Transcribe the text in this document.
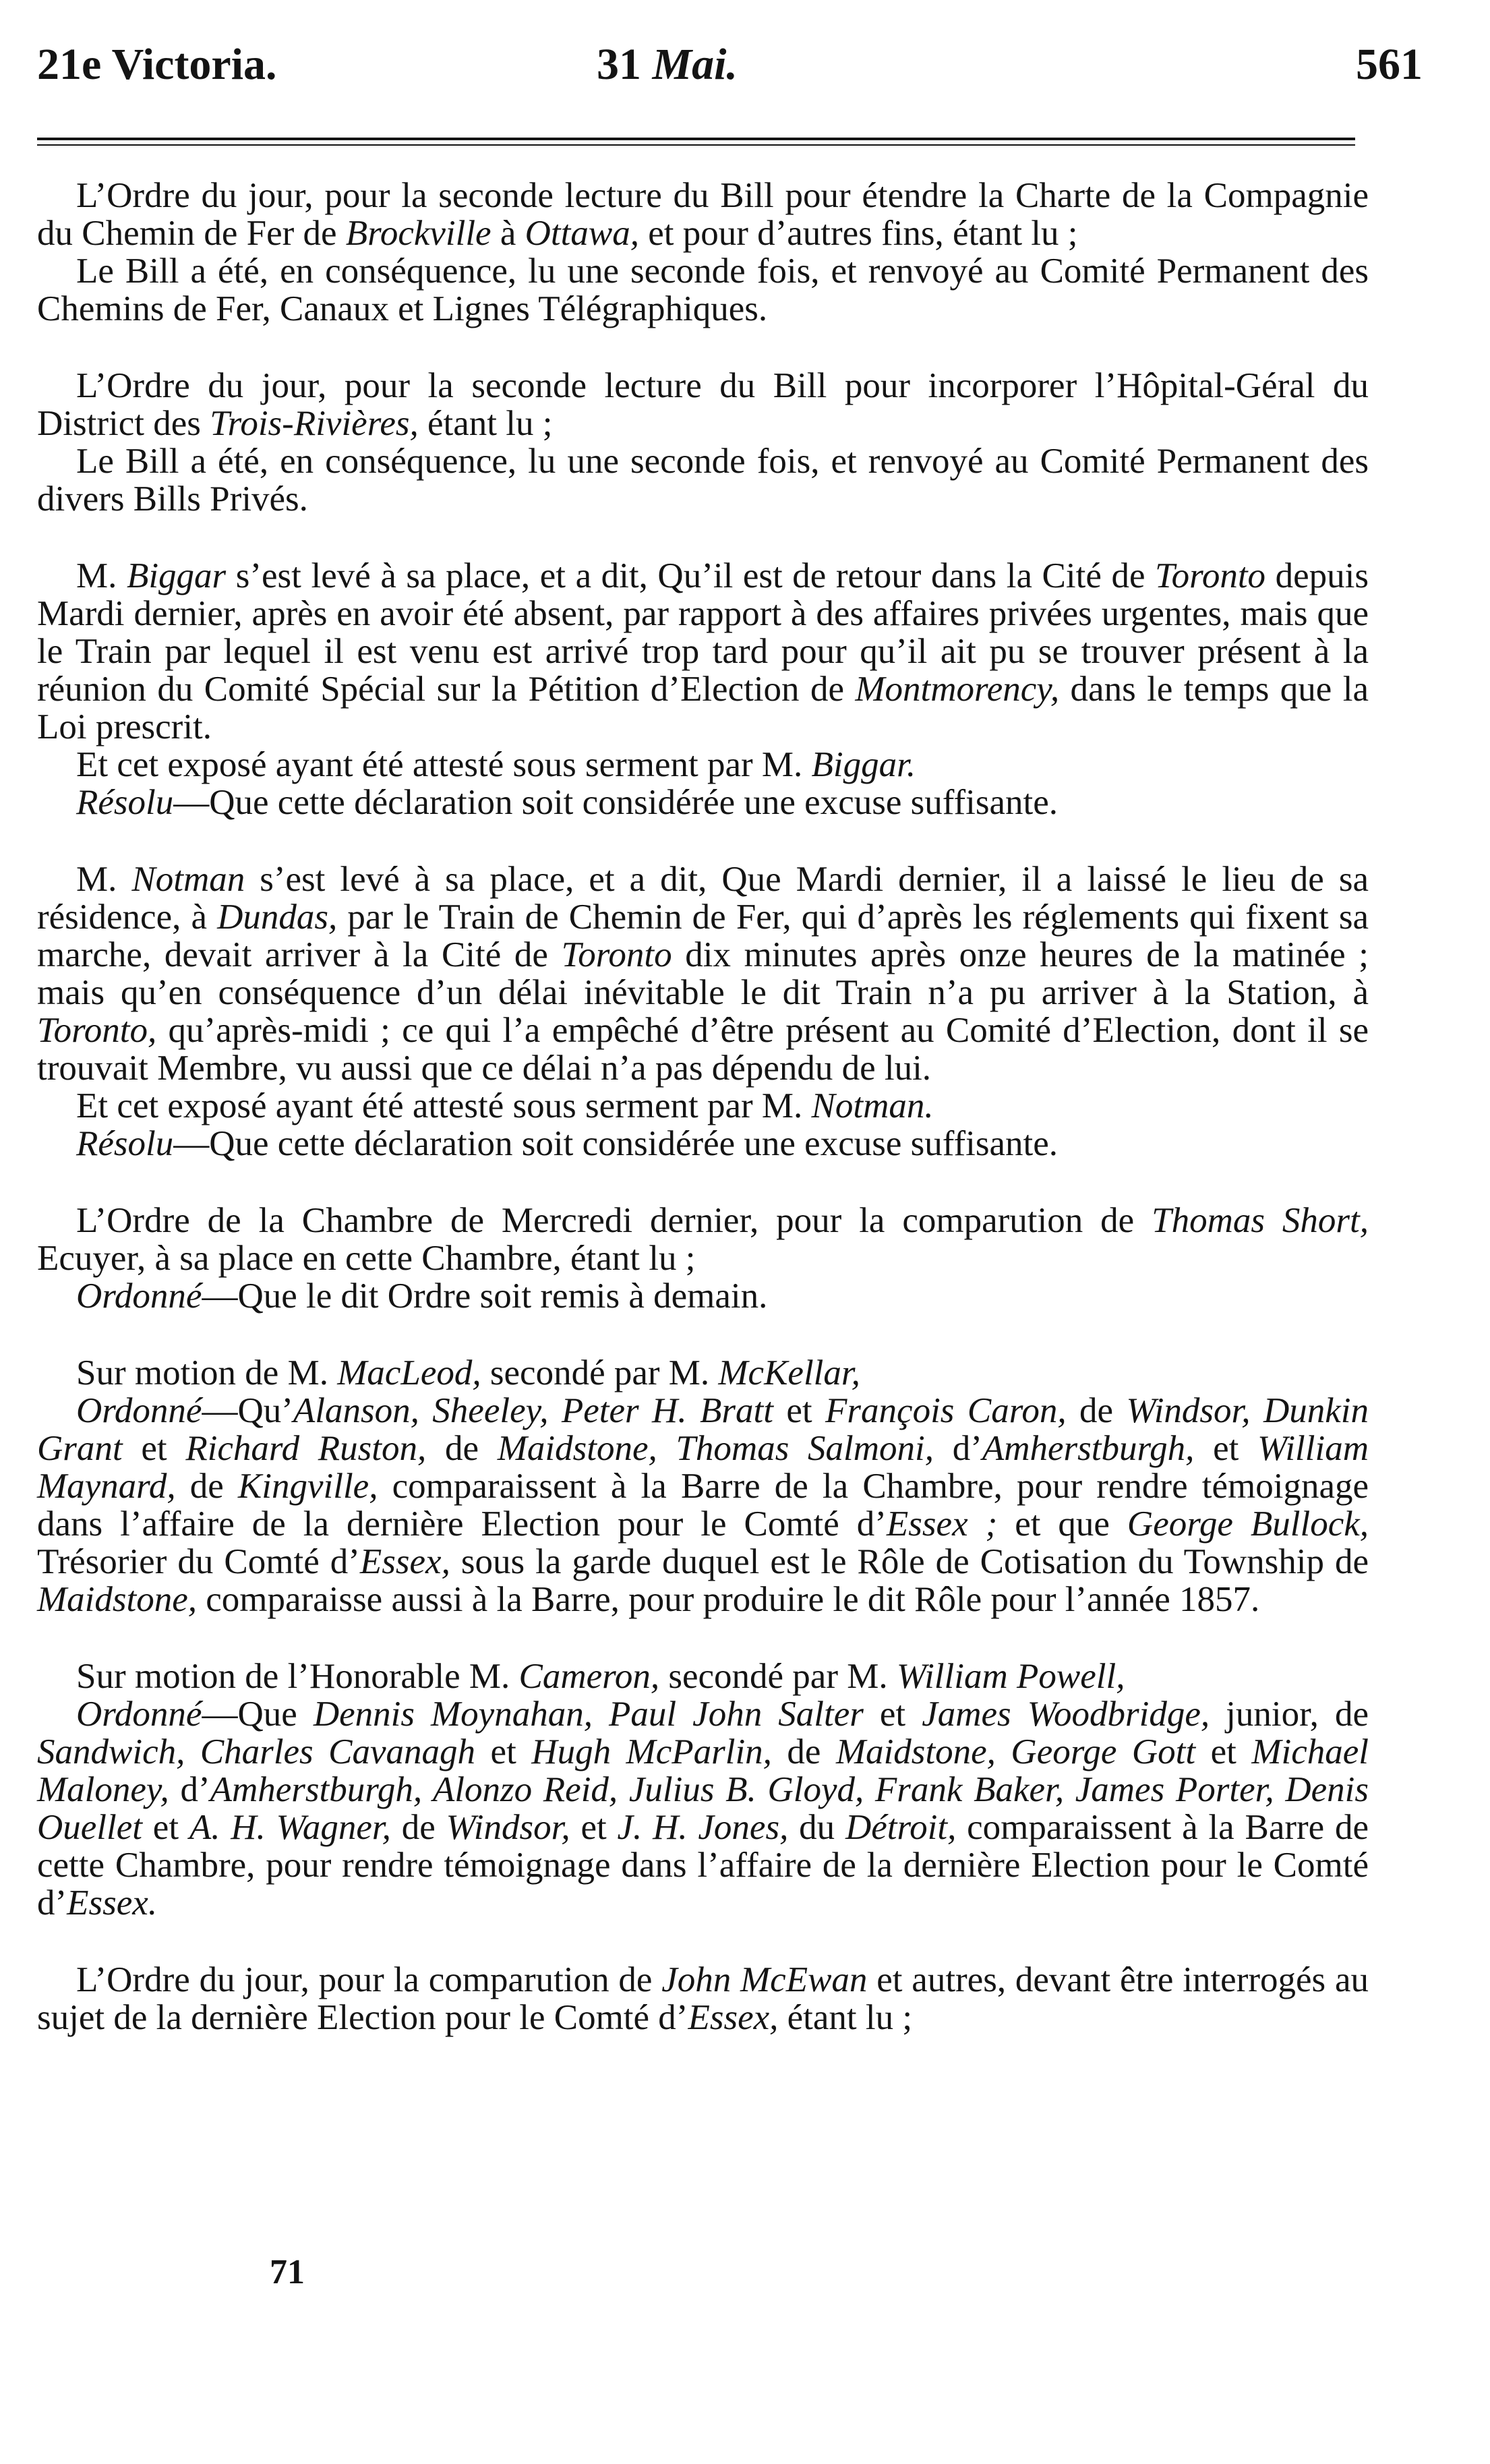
21e Victoria.	31 Mai.	561

L’Ordre du jour, pour la seconde lecture du Bill pour étendre la Charte de la Compagnie du Chemin de Fer de Brockville à Ottawa, et pour d’autres fins, étant lu ;

Le Bill a été, en conséquence, lu une seconde fois, et renvoyé au Comité Permanent des Chemins de Fer, Canaux et Lignes Télégraphiques.

L’Ordre du jour, pour la seconde lecture du Bill pour incorporer l’Hôpital-Géral du District des Trois-Rivières, étant lu ;

Le Bill a été, en conséquence, lu une seconde fois, et renvoyé au Comité Permanent des divers Bills Privés.

M. Biggar s’est levé à sa place, et a dit, Qu’il est de retour dans la Cité de Toronto depuis Mardi dernier, après en avoir été absent, par rapport à des affaires privées urgentes, mais que le Train par lequel il est venu est arrivé trop tard pour qu’il ait pu se trouver présent à la réunion du Comité Spécial sur la Pétition d’Election de Montmorency, dans le temps que la Loi prescrit.

Et cet exposé ayant été attesté sous serment par M. Biggar.

Résolu—Que cette déclaration soit considérée une excuse suffisante.

M. Notman s’est levé à sa place, et a dit, Que Mardi dernier, il a laissé le lieu de sa résidence, à Dundas, par le Train de Chemin de Fer, qui d’après les réglements qui fixent sa marche, devait arriver à la Cité de Toronto dix minutes après onze heures de la matinée ; mais qu’en conséquence d’un délai inévitable le dit Train n’a pu arriver à la Station, à Toronto, qu’après-midi ; ce qui l’a empêché d’être présent au Comité d’Election, dont il se trouvait Membre, vu aussi que ce délai n’a pas dépendu de lui.

Et cet exposé ayant été attesté sous serment par M. Notman.

Résolu—Que cette déclaration soit considérée une excuse suffisante.

L’Ordre de la Chambre de Mercredi dernier, pour la comparution de Thomas Short, Ecuyer, à sa place en cette Chambre, étant lu ;

Ordonné—Que le dit Ordre soit remis à demain.

Sur motion de M. MacLeod, secondé par M. McKellar,

Ordonné—Qu’Alanson, Sheeley, Peter H. Bratt et François Caron, de Windsor, Dunkin Grant et Richard Ruston, de Maidstone, Thomas Salmoni, d’Amherstburgh, et William Maynard, de Kingville, comparaissent à la Barre de la Chambre, pour rendre témoignage dans l’affaire de la dernière Election pour le Comté d’Essex ; et que George Bullock, Trésorier du Comté d’Essex, sous la garde duquel est le Rôle de Cotisation du Township de Maidstone, comparaisse aussi à la Barre, pour produire le dit Rôle pour l’année 1857.

Sur motion de l’Honorable M. Cameron, secondé par M. William Powell,

Ordonné—Que Dennis Moynahan, Paul John Salter et James Woodbridge, junior, de Sandwich, Charles Cavanagh et Hugh McParlin, de Maidstone, George Gott et Michael Maloney, d’Amherstburgh, Alonzo Reid, Julius B. Gloyd, Frank Baker, James Porter, Denis Ouellet et A. H. Wagner, de Windsor, et J. H. Jones, du Détroit, comparaissent à la Barre de cette Chambre, pour rendre témoignage dans l’affaire de la dernière Election pour le Comté d’Essex.

L’Ordre du jour, pour la comparution de John McEwan et autres, devant être interrogés au sujet de la dernière Election pour le Comté d’Essex, étant lu ;

71
